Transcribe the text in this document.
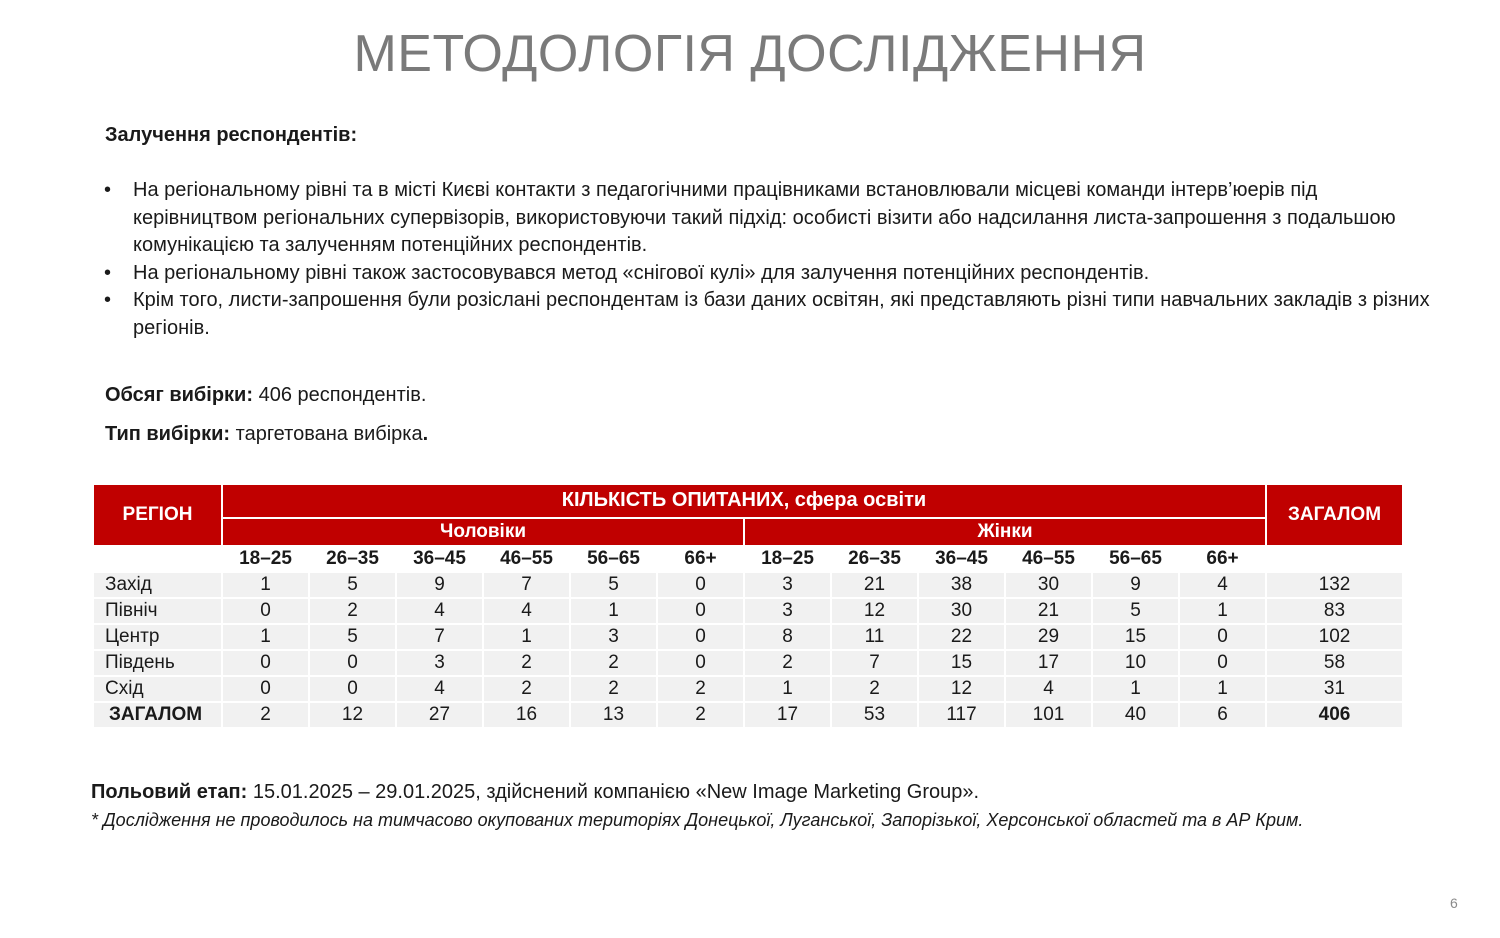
МЕТОДОЛОГІЯ ДОСЛІДЖЕННЯ
Залучення респондентів:
• На регіональному рівні та в місті Києві контакти з педагогічними працівниками встановлювали місцеві команди інтерв’юерів під керівництвом регіональних супервізорів, використовуючи такий підхід: особисті візити або надсилання листа-запрошення з подальшою комунікацією та залученням потенційних респондентів.
• На регіональному рівні також застосовувався метод «снігової кулі» для залучення потенційних респондентів.
• Крім того, листи-запрошення були розіслані респондентам із бази даних освітян, які представляють різні типи навчальних закладів з різних регіонів.
Обсяг вибірки: 406 респондентів.
Тип вибірки: таргетована вибірка.
РЕГІОН	КІЛЬКІСТЬ ОПИТАНИХ, сфера освіти												ЗАГАЛОМ
	Чоловіки						Жінки						
	18–25	26–35	36–45	46–55	56–65	66+	18–25	26–35	36–45	46–55	56–65	66+	
Захід	1	5	9	7	5	0	3	21	38	30	9	4	132
Північ	0	2	4	4	1	0	3	12	30	21	5	1	83
Центр	1	5	7	1	3	0	8	11	22	29	15	0	102
Південь	0	0	3	2	2	0	2	7	15	17	10	0	58
Схід	0	0	4	2	2	2	1	2	12	4	1	1	31
ЗАГАЛОМ	2	12	27	16	13	2	17	53	117	101	40	6	406
Польовий етап: 15.01.2025 – 29.01.2025, здійснений компанією «New Image Marketing Group».
* Дослідження не проводилось на тимчасово окупованих територіях Донецької, Луганської, Запорізької, Херсонської областей та в АР Крим.
6
